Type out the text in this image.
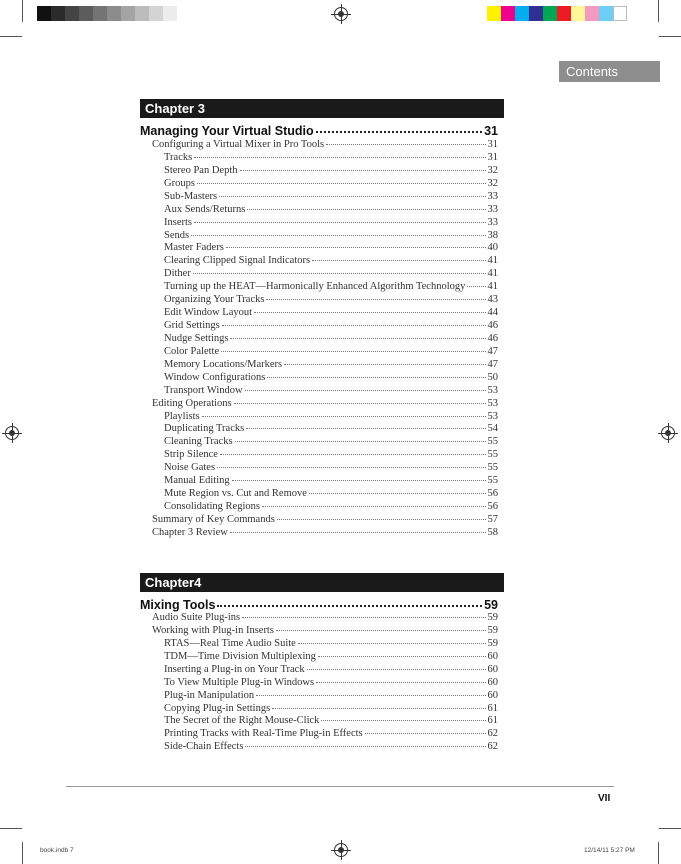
Contents
Chapter 3
Chapter4
VII
book.indb 7	12/14/11 5:27 PM
Managing Your Virtual Studio	31
Configuring a Virtual Mixer in Pro Tools	31
Tracks	31
Stereo Pan Depth	32
Groups	32
Sub-Masters	33
Aux Sends/Returns	33
Inserts	33
Sends	38
Master Faders	40
Clearing Clipped Signal Indicators	41
Dither	41
Turning up the HEAT—Harmonically Enhanced Algorithm Technology 41
Organizing Your Tracks	43
Edit Window Layout	44
Grid Settings	46
Nudge Settings	46
Color Palette	47
Memory Locations/Markers	47
Window Configurations	50
Transport Window	53
Editing Operations	53
Playlists	53
Duplicating Tracks	54
Cleaning Tracks	55
Strip Silence	55
Noise Gates	55
Manual Editing	55
Mute Region vs. Cut and Remove	56
Consolidating Regions	56
Summary of Key Commands	57
Chapter 3 Review	58
Mixing Tools	59
Audio Suite Plug-ins	59
Working with Plug-in Inserts	59
RTAS—Real Time Audio Suite	59
TDM—Time Division Multiplexing	60
Inserting a Plug-in on Your Track	60
To View Multiple Plug-in Windows	60
Plug-in Manipulation	60
Copying Plug-in Settings	61
The Secret of the Right Mouse-Click	61
Printing Tracks with Real-Time Plug-in Effects	62
Side-Chain Effects	62
